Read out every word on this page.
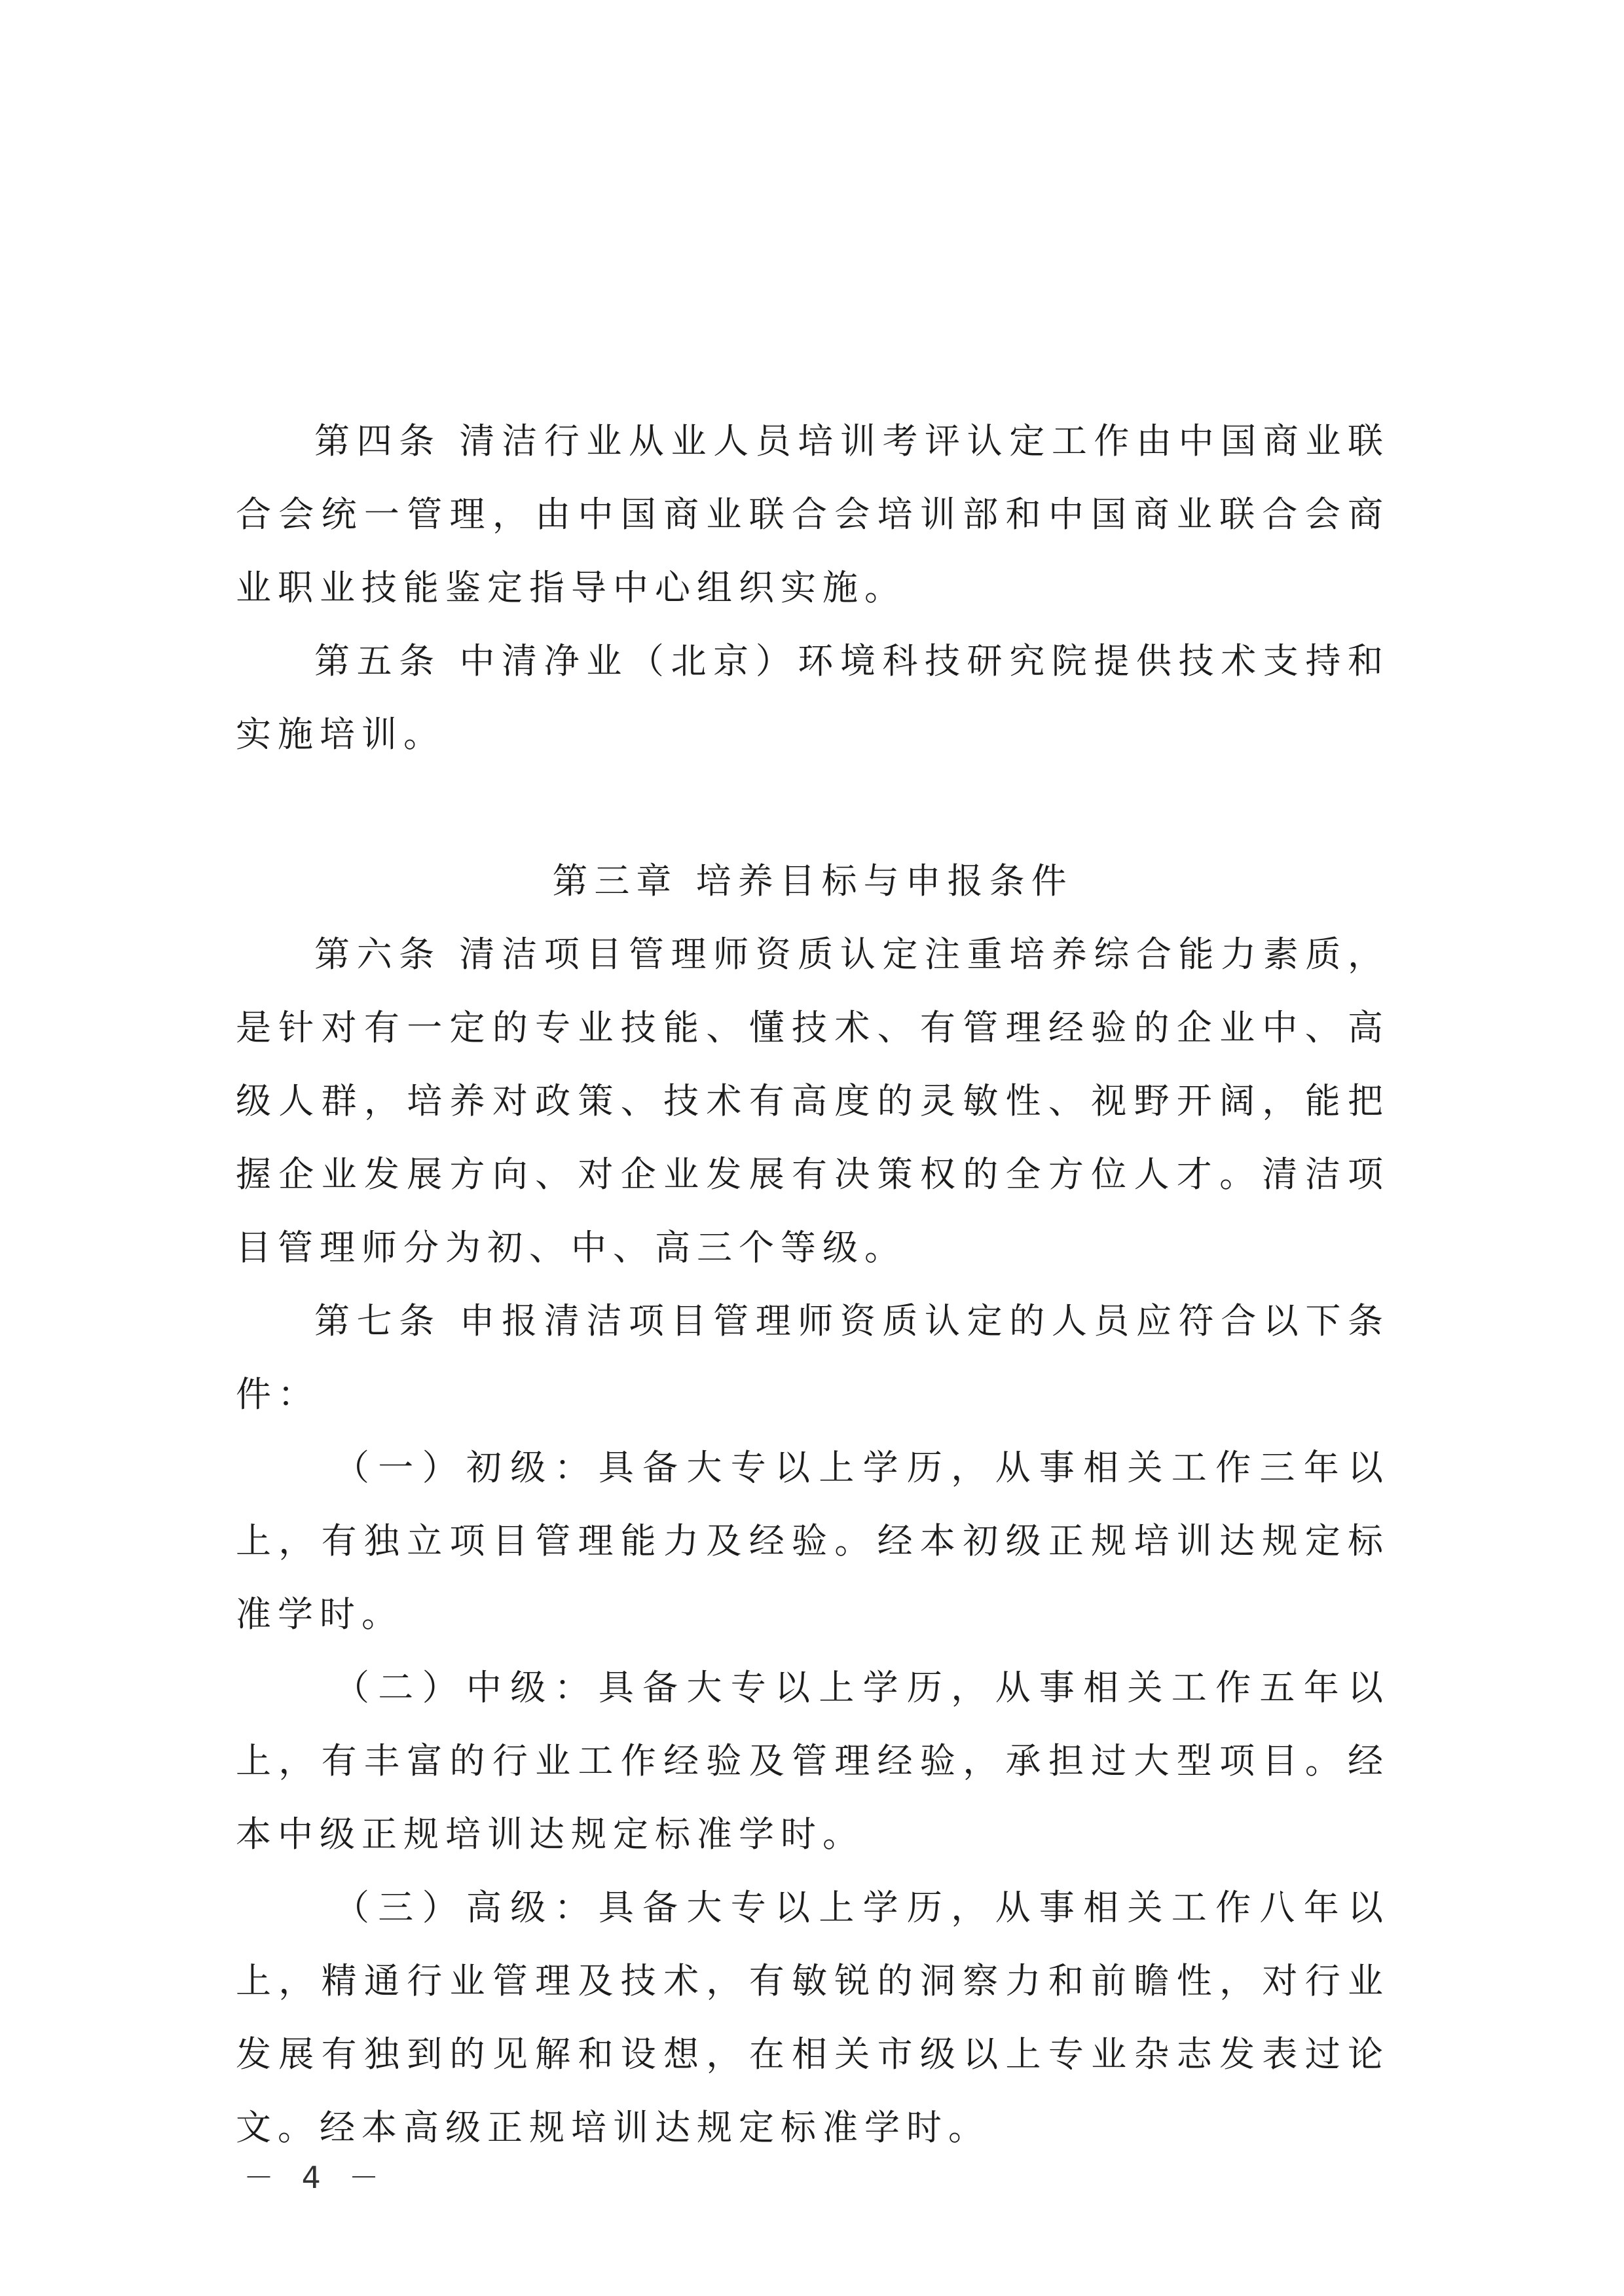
第四条 清洁行业从业人员培训考评认定工作由中国商业联合会统一管理，由中国商业联合会培训部和中国商业联合会商业职业技能鉴定指导中心组织实施。

第五条 中清净业（北京）环境科技研究院提供技术支持和实施培训。

第三章 培养目标与申报条件

第六条 清洁项目管理师资质认定注重培养综合能力素质，是针对有一定的专业技能、懂技术、有管理经验的企业中、高级人群，培养对政策、技术有高度的灵敏性、视野开阔，能把握企业发展方向、对企业发展有决策权的全方位人才。清洁项目管理师分为初、中、高三个等级。

第七条 申报清洁项目管理师资质认定的人员应符合以下条件：

（一）初级：具备大专以上学历，从事相关工作三年以上，有独立项目管理能力及经验。经本初级正规培训达规定标准学时。

（二）中级：具备大专以上学历，从事相关工作五年以上，有丰富的行业工作经验及管理经验，承担过大型项目。经本中级正规培训达规定标准学时。

（三）高级：具备大专以上学历，从事相关工作八年以上，精通行业管理及技术，有敏锐的洞察力和前瞻性，对行业发展有独到的见解和设想，在相关市级以上专业杂志发表过论文。经本高级正规培训达规定标准学时。

－ 4 －
